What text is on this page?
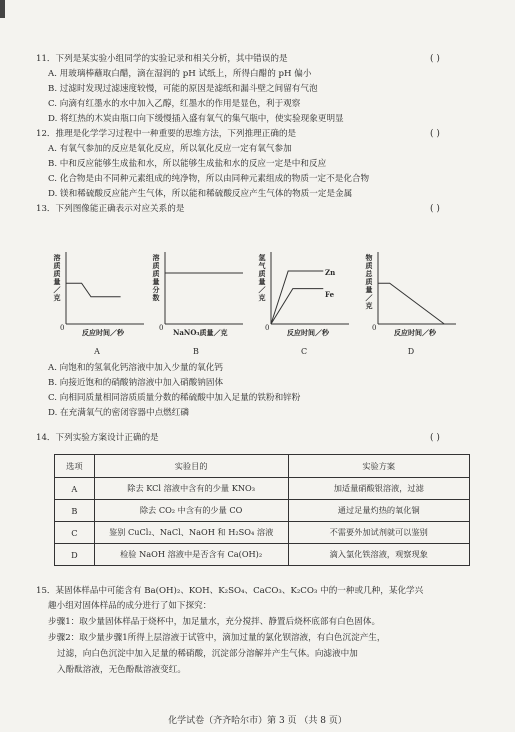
11．下列是某实验小组同学的实验记录和相关分析，其中错误的是	( )
A. 用玻璃棒蘸取白醋，滴在湿润的 pH 试纸上，所得白醋的 pH 偏小
B. 过滤时发现过滤速度较慢，可能的原因是滤纸和漏斗壁之间留有气泡
C. 向滴有红墨水的水中加入乙醇，红墨水的作用是显色，利于观察
D. 将红热的木炭由瓶口向下缓慢插入盛有氧气的集气瓶中，使实验现象更明显
12．推理是化学学习过程中一种重要的思维方法，下列推理正确的是	( )
A. 有氧气参加的反应是氧化反应，所以氧化反应一定有氧气参加
B. 中和反应能够生成盐和水，所以能够生成盐和水的反应一定是中和反应
C. 化合物是由不同种元素组成的纯净物，所以由同种元素组成的物质一定不是化合物
D. 镁和稀硫酸反应能产生气体，所以能和稀硫酸反应产生气体的物质一定是金属
13．下列图像能正确表示对应关系的是	( )
溶质质量／克
0	反应时间／秒
A
溶质质量分数
0 NaNO₃质量／克
B
氢气质量／克
Zn
Fe
0	反应时间／秒
C
物质总质量／克
0	反应时间／秒
D
A. 向饱和的氢氧化钙溶液中加入少量的氧化钙
B. 向接近饱和的硝酸钠溶液中加入硝酸钠固体
C. 向相同质量相同溶质质量分数的稀硫酸中加入足量的铁粉和锌粉
D. 在充满氧气的密闭容器中点燃红磷
14．下列实验方案设计正确的是	( )
选项	实验目的	实验方案
A	除去 KCl 溶液中含有的少量 KNO₃	加适量硝酸银溶液，过滤
B	除去 CO₂ 中含有的少量 CO	通过足量灼热的氧化铜
C	鉴别 CuCl₂、NaCl、NaOH 和 H₂SO₄ 溶液	不需要外加试剂就可以鉴别
D	检验 NaOH 溶液中是否含有 Ca(OH)₂	滴入氯化铁溶液，观察现象
15．某固体样品中可能含有 Ba(OH)₂、KOH、K₂SO₄、CaCO₃、K₂CO₃ 中的一种或几种，某化学兴
趣小组对固体样品的成分进行了如下探究：
步骤1：取少量固体样品于烧杯中，加足量水，充分搅拌、静置后烧杯底部有白色固体。
步骤2：取少量步骤1所得上层溶液于试管中，滴加过量的氯化钡溶液，有白色沉淀产生，
过滤，向白色沉淀中加入足量的稀硝酸，沉淀部分溶解并产生气体。向滤液中加
入酚酞溶液，无色酚酞溶液变红。
化学试卷（齐齐哈尔市）第 3 页 （共 8 页）
